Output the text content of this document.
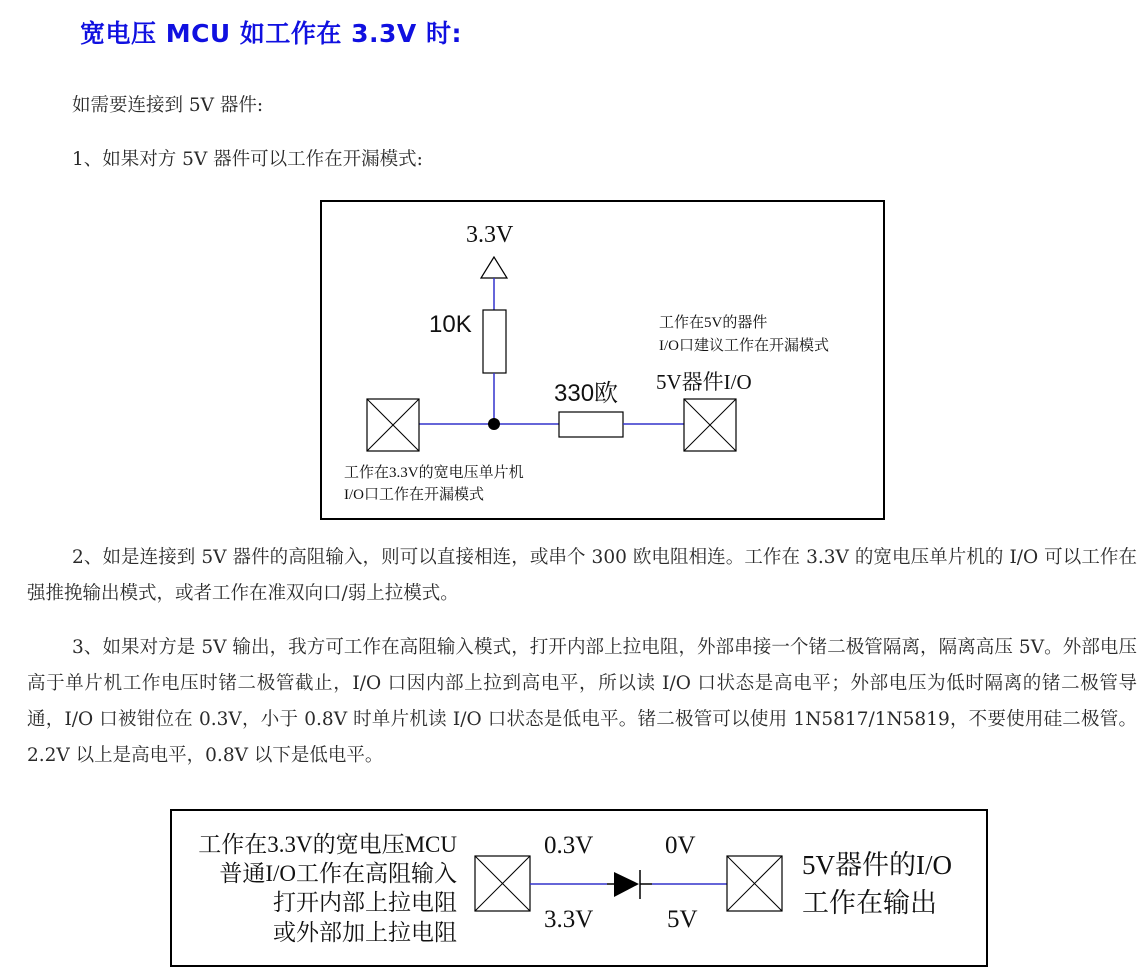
宽电压 MCU 如工作在 3.3V 时:
如需要连接到 5V 器件:
1、如果对方 5V 器件可以工作在开漏模式:
3.3V
10K
330欧 5V器件I/O
工作在5V的器件
I/O口建议工作在开漏模式
工作在3.3V的宽电压单片机
I/O口工作在开漏模式
2、如是连接到 5V 器件的高阻输入，则可以直接相连，或串个 300 欧电阻相连。工作在 3.3V 的宽电压单片机的 I/O 可以工作在强推挽输出模式，或者工作在准双向口/弱上拉模式。
3、如果对方是 5V 输出，我方可工作在高阻输入模式，打开内部上拉电阻，外部串接一个锗二极管隔离，隔离高压 5V。外部电压高于单片机工作电压时锗二极管截止，I/O 口因内部上拉到高电平，所以读 I/O 口状态是高电平；外部电压为低时隔离的锗二极管导通，I/O 口被钳位在 0.3V，小于 0.8V 时单片机读 I/O 口状态是低电平。锗二极管可以使用 1N5817/1N5819，不要使用硅二极管。2.2V 以上是高电平，0.8V 以下是低电平。
工作在3.3V的宽电压MCU
普通I/O工作在高阻输入
打开内部上拉电阻
或外部加上拉电阻
0.3V	0V
3.3V	5V
5V器件的I/O
工作在输出
